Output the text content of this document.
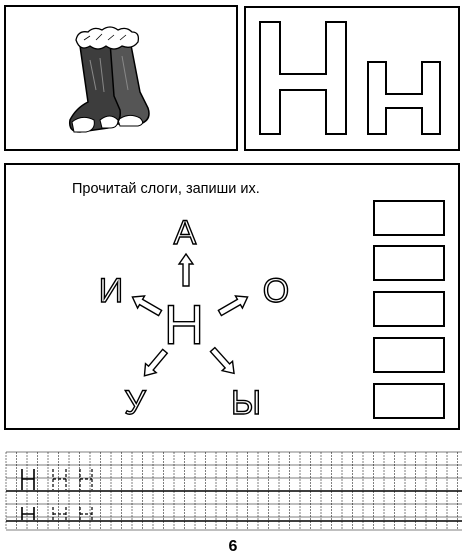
Прочитай слоги, запиши их.
Н
А
И	О
У	Ы
6
